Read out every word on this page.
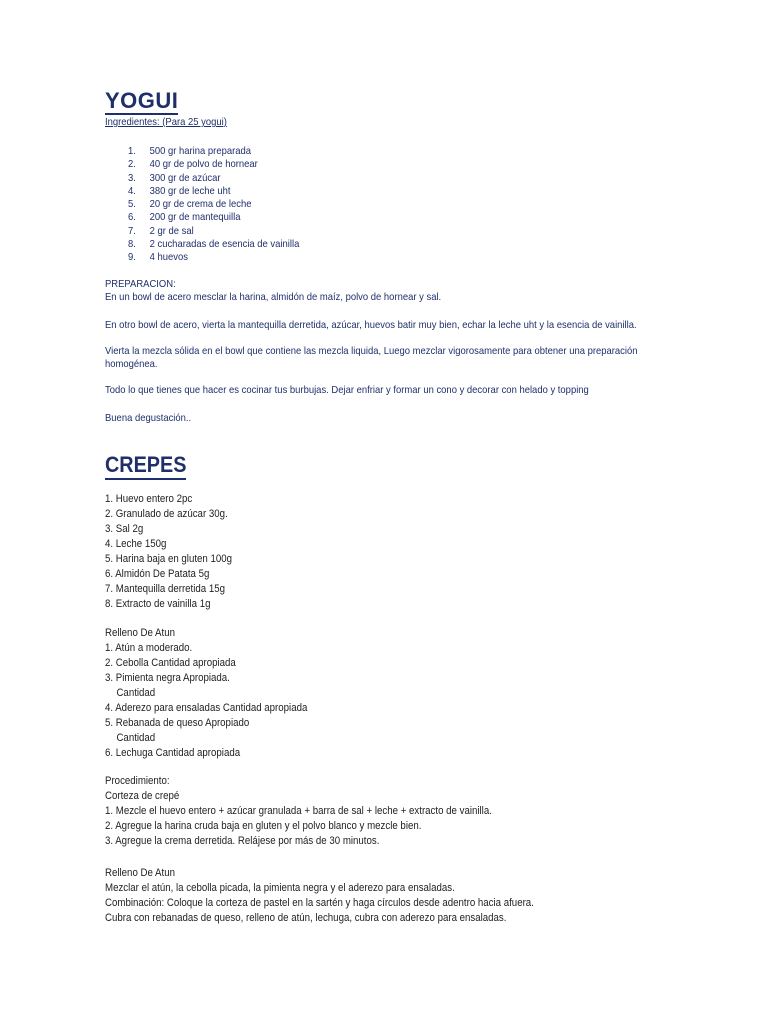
YOGUI
Ingredientes: (Para 25 yogui)
1. 500 gr harina preparada
2. 40 gr de polvo de hornear
3. 300 gr de azúcar
4. 380 gr de leche uht
5. 20 gr de crema de leche
6. 200 gr de mantequilla
7. 2 gr de sal
8. 2 cucharadas de esencia de vainilla
9. 4 huevos
PREPARACION:
En un bowl de acero mesclar la harina, almidón de maíz, polvo de hornear y sal.
En otro bowl de acero, vierta la mantequilla derretida, azúcar, huevos batir muy bien, echar la leche uht y la esencia de vainilla.
Vierta la mezcla sólida en el bowl que contiene las mezcla liquida, Luego mezclar vigorosamente para obtener una preparación homogénea.
Todo lo que tienes que hacer es cocinar tus burbujas. Dejar enfriar y formar un cono y decorar con helado y topping
Buena degustación..
CREPES
1. Huevo entero 2pc
2. Granulado de azúcar 30g.
3. Sal 2g
4. Leche 150g
5. Harina baja en gluten 100g
6. Almidón De Patata 5g
7. Mantequilla derretida 15g
8. Extracto de vainilla 1g
Relleno De Atun
1. Atún a moderado.
2. Cebolla Cantidad apropiada
3. Pimienta negra Apropiada.
Cantidad
4. Aderezo para ensaladas Cantidad apropiada
5. Rebanada de queso Apropiado
Cantidad
6. Lechuga Cantidad apropiada
Procedimiento:
Corteza de crepé
1. Mezcle el huevo entero + azúcar granulada + barra de sal + leche + extracto de vainilla.
2. Agregue la harina cruda baja en gluten y el polvo blanco y mezcle bien.
3. Agregue la crema derretida. Relájese por más de 30 minutos.
Relleno De Atun
Mezclar el atún, la cebolla picada, la pimienta negra y el aderezo para ensaladas.
Combinación: Coloque la corteza de pastel en la sartén y haga círculos desde adentro hacia afuera.
Cubra con rebanadas de queso, relleno de atún, lechuga, cubra con aderezo para ensaladas.
